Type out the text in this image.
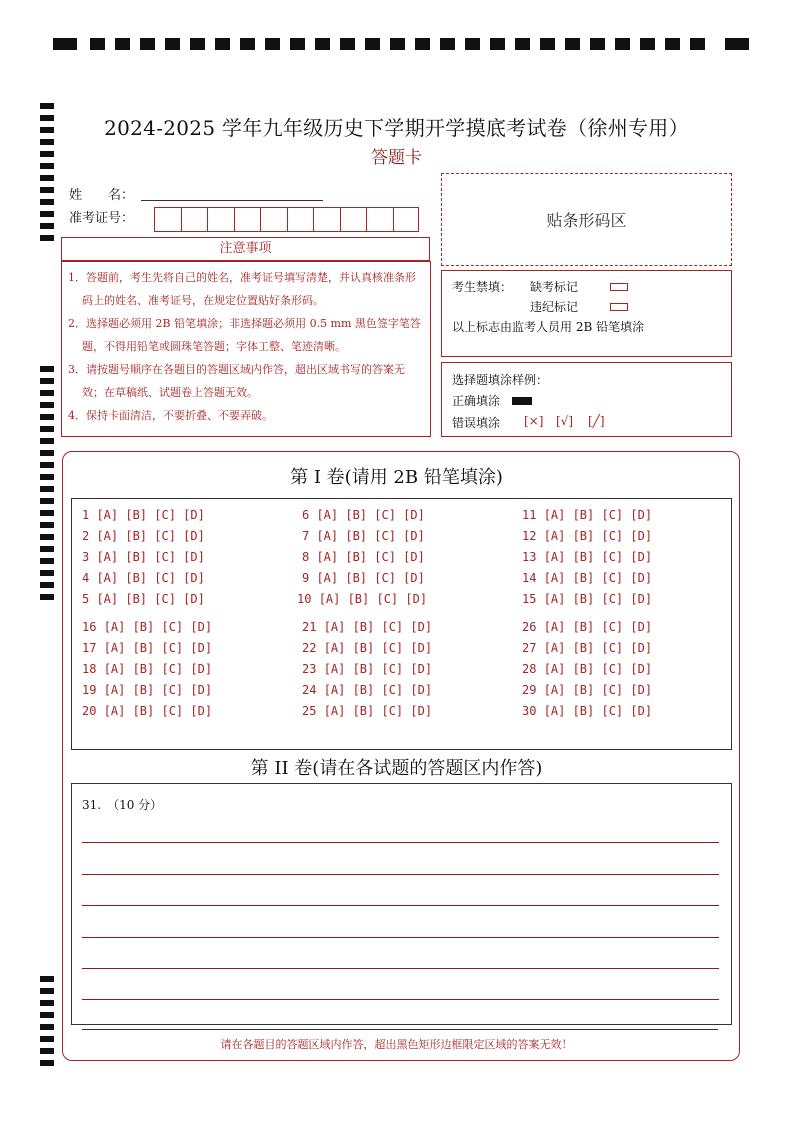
2024-2025 学年九年级历史下学期开学摸底考试卷（徐州专用）
答题卡
姓　　名：
准考证号：	贴条形码区
注意事项

1．答题前，考生先将自己的姓名，准考证号填写清楚，并认真核准条形码上的姓名、准考证号，在规定位置贴好条形码。

2．选择题必须用 2B 铅笔填涂；非选择题必须用 0.5 mm 黑色签字笔答题，不得用铅笔或圆珠笔答题；字体工整、笔迹清晰。

3．请按题号顺序在各题目的答题区域内作答，超出区域书写的答案无效；在草稿纸、试题卷上答题无效。

4．保持卡面清洁，不要折叠、不要弄破。

考生禁填： 缺考标记
违纪标记
以上标志由监考人员用 2B 铅笔填涂
选择题填涂样例：
正确填涂
错误填涂 [×] [√] [╱]
第 I 卷(请用 2B 铅笔填涂)
1 [A] [B] [C] [D]
2 [A] [B] [C] [D]
3 [A] [B] [C] [D]
4 [A] [B] [C] [D]
5 [A] [B] [C] [D]
6 [A] [B] [C] [D]
7 [A] [B] [C] [D]
8 [A] [B] [C] [D]
9 [A] [B] [C] [D]
10 [A] [B] [C] [D]
11 [A] [B] [C] [D]
12 [A] [B] [C] [D]
13 [A] [B] [C] [D]
14 [A] [B] [C] [D]
15 [A] [B] [C] [D]
16 [A] [B] [C] [D]
17 [A] [B] [C] [D]
18 [A] [B] [C] [D]
19 [A] [B] [C] [D]
20 [A] [B] [C] [D]
21 [A] [B] [C] [D]
22 [A] [B] [C] [D]
23 [A] [B] [C] [D]
24 [A] [B] [C] [D]
25 [A] [B] [C] [D]
26 [A] [B] [C] [D]
27 [A] [B] [C] [D]
28 [A] [B] [C] [D]
29 [A] [B] [C] [D]
30 [A] [B] [C] [D]
第 II 卷(请在各试题的答题区内作答)
31.　（10 分）
请在各题目的答题区域内作答，超出黑色矩形边框限定区域的答案无效！
